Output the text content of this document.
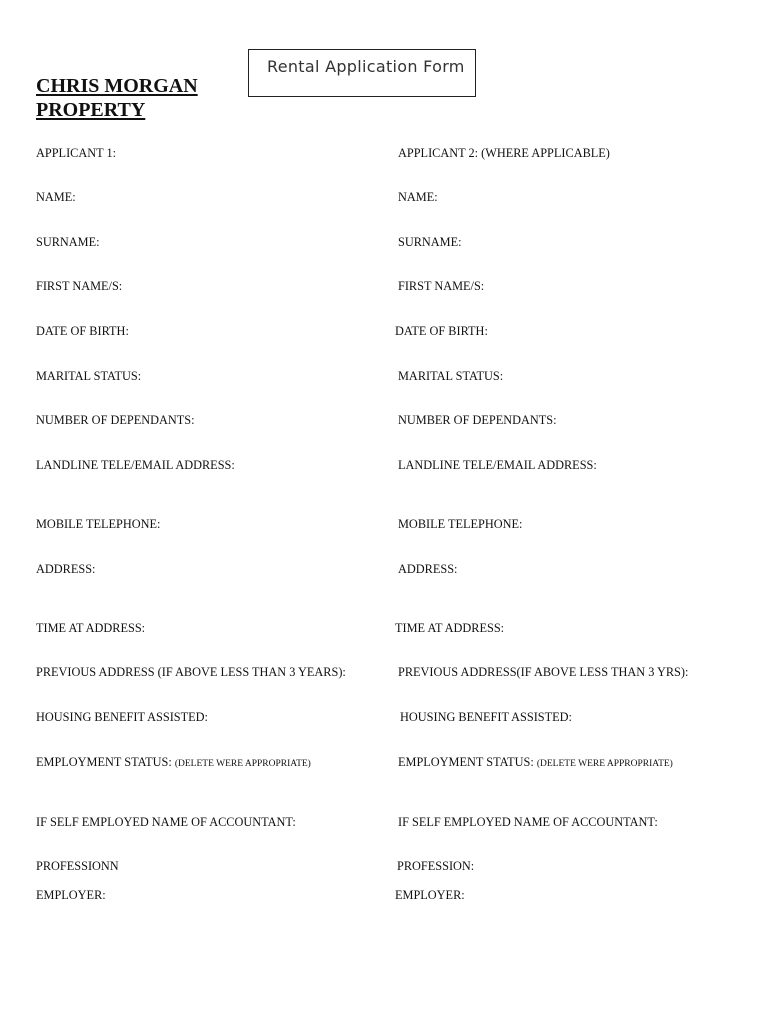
CHRIS MORGAN
PROPERTY
Rental Application Form
APPLICANT 1:
NAME:
SURNAME:
FIRST NAME/S:
DATE OF BIRTH:
MARITAL STATUS:
NUMBER OF DEPENDANTS:
LANDLINE TELE/EMAIL ADDRESS:
MOBILE TELEPHONE:
ADDRESS:
TIME AT ADDRESS:
PREVIOUS ADDRESS (IF ABOVE LESS THAN 3 YEARS):
HOUSING BENEFIT ASSISTED:
EMPLOYMENT STATUS: (DELETE WERE APPROPRIATE)
IF SELF EMPLOYED NAME OF ACCOUNTANT:
PROFESSIONN
EMPLOYER:
APPLICANT 2: (WHERE APPLICABLE)
NAME:
SURNAME:
FIRST NAME/S:
DATE OF BIRTH:
MARITAL STATUS:
NUMBER OF DEPENDANTS:
LANDLINE TELE/EMAIL ADDRESS:
MOBILE TELEPHONE:
ADDRESS:
TIME AT ADDRESS:
PREVIOUS ADDRESS(IF ABOVE LESS THAN 3 YRS):
HOUSING BENEFIT ASSISTED:
EMPLOYMENT STATUS: (DELETE WERE APPROPRIATE)
IF SELF EMPLOYED NAME OF ACCOUNTANT:
PROFESSION:
EMPLOYER:
